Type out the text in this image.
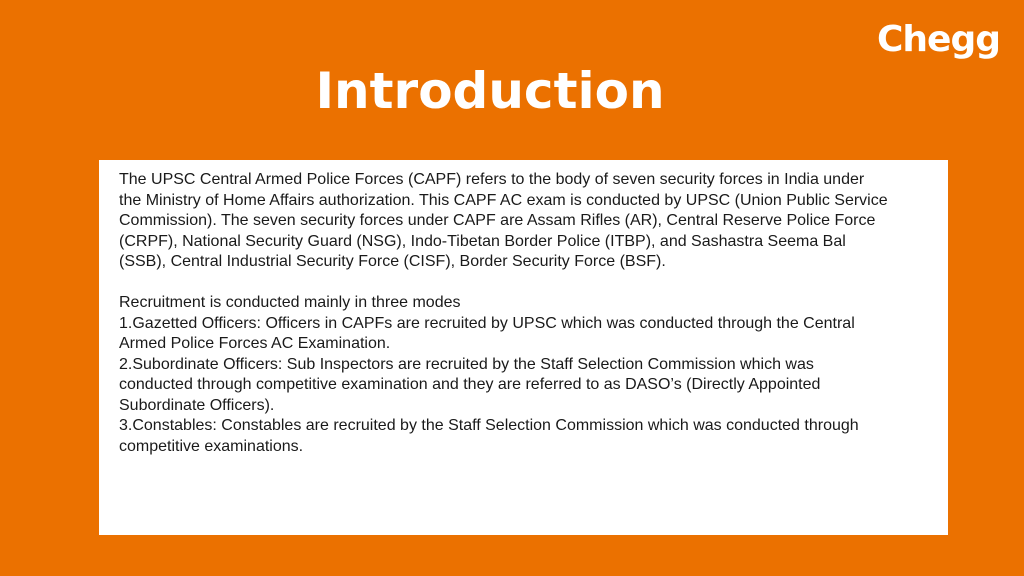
Chegg
Introduction

The UPSC Central Armed Police Forces (CAPF) refers to the body of seven security forces in India under the Ministry of Home Affairs authorization. This CAPF AC exam is conducted by UPSC (Union Public Service Commission). The seven security forces under CAPF are Assam Rifles (AR), Central Reserve Police Force (CRPF), National Security Guard (NSG), Indo-Tibetan Border Police (ITBP), and Sashastra Seema Bal (SSB), Central Industrial Security Force (CISF), Border Security Force (BSF).

Recruitment is conducted mainly in three modes

1.Gazetted Officers: Officers in CAPFs are recruited by UPSC which was conducted through the Central Armed Police Forces AC Examination.

2.Subordinate Officers: Sub Inspectors are recruited by the Staff Selection Commission which was conducted through competitive examination and they are referred to as DASO’s (Directly Appointed Subordinate Officers).

3.Constables: Constables are recruited by the Staff Selection Commission which was conducted through competitive examinations.
